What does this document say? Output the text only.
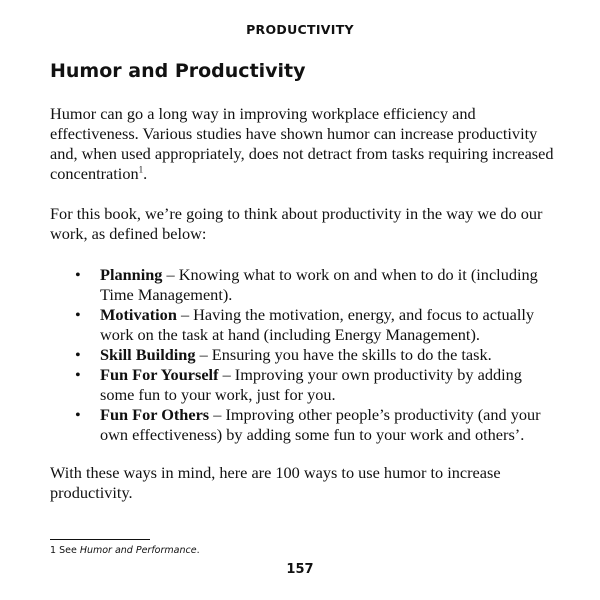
PRODUCTIVITY
Humor and Productivity

Humor can go a long way in improving workplace efficiency and effectiveness. Various studies have shown humor can increase productivity and, when used appropriately, does not detract from tasks requiring increased concentration$^1$.

For this book, we’re going to think about productivity in the way we do our work, as defined below:

• Planning – Knowing what to work on and when to do it (including Time Management).
• Motivation – Having the motivation, energy, and focus to actually work on the task at hand (including Energy Management).
• Skill Building – Ensuring you have the skills to do the task.
• Fun For Yourself – Improving your own productivity by adding some fun to your work, just for you.
• Fun For Others – Improving other people’s productivity (and your own effectiveness) by adding some fun to your work and others’.

With these ways in mind, here are 100 ways to use humor to increase productivity.

1 See Humor and Performance.
157
